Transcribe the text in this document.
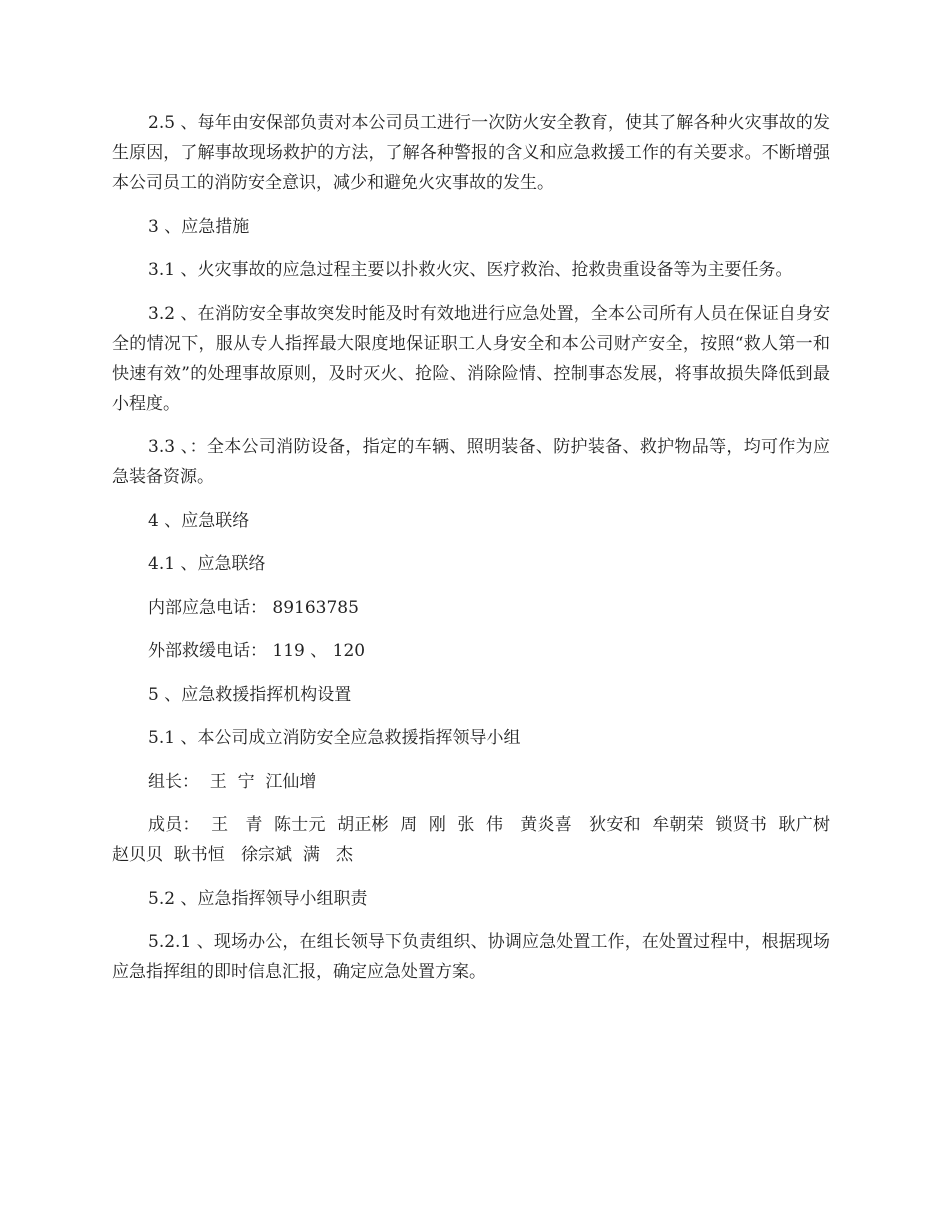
2.5 、每年由安保部负责对本公司员工进行一次防火安全教育，使其了解各种火灾事故的发生原因，了解事故现场救护的方法，了解各种警报的含义和应急救援工作的有关要求。不断增强本公司员工的消防安全意识，减少和避免火灾事故的发生。

3 、应急措施

3.1 、火灾事故的应急过程主要以扑救火灾、医疗救治、抢救贵重设备等为主要任务。

3.2 、在消防安全事故突发时能及时有效地进行应急处置，全本公司所有人员在保证自身安全的情况下，服从专人指挥最大限度地保证职工人身安全和本公司财产安全，按照“救人第一和快速有效”的处理事故原则，及时灭火、抢险、消除险情、控制事态发展，将事故损失降低到最小程度。

3.3 、：全本公司消防设备，指定的车辆、照明装备、防护装备、救护物品等，均可作为应急装备资源。

4 、应急联络

4.1 、应急联络

内部应急电话： 89163785

外部救缓电话： 119 、 120

5 、应急救援指挥机构设置

5.1 、本公司成立消防安全应急救援指挥领导小组

组长：  王  宁  江仙增

成员：  王   青  陈士元  胡正彬  周  刚  张  伟   黄炎喜   狄安和  牟朝荣  锁贤书  耿广树  赵贝贝  耿书恒   徐宗斌  满   杰

5.2 、应急指挥领导小组职责

5.2.1 、现场办公，在组长领导下负责组织、协调应急处置工作，在处置过程中，根据现场应急指挥组的即时信息汇报，确定应急处置方案。
